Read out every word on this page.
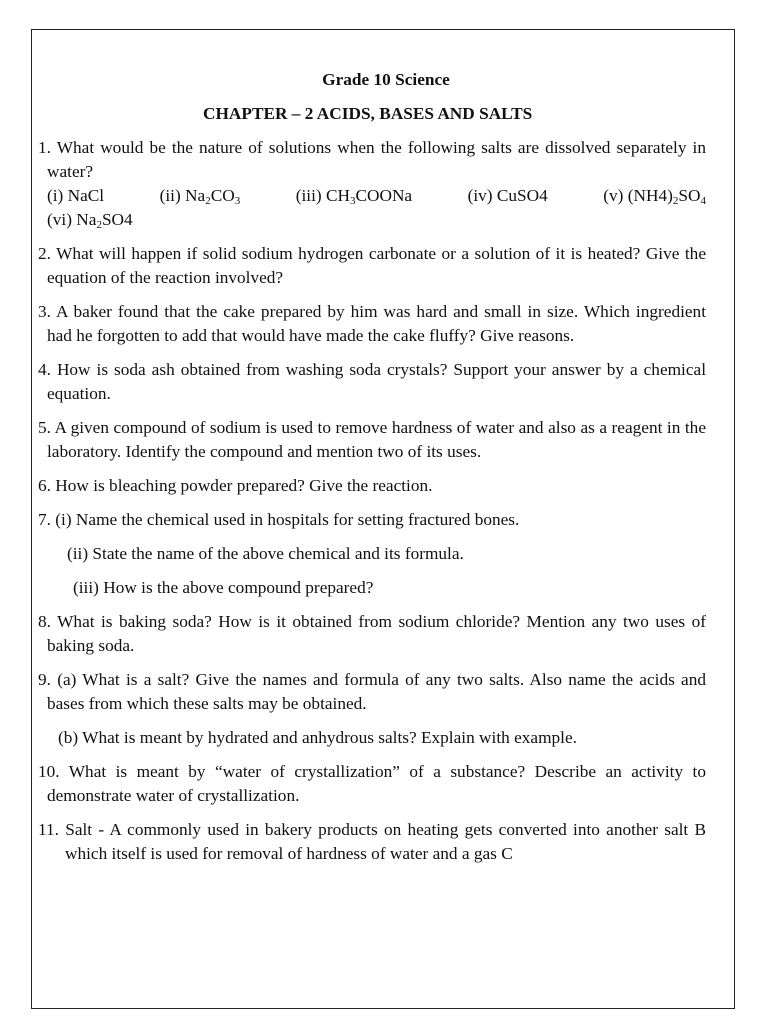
Grade 10 Science

CHAPTER – 2 ACIDS, BASES AND SALTS

1. What would be the nature of solutions when the following salts are dissolved separately in water?

(i) NaCl	(ii) $Na_2CO_3$	(iii) $CH_3COONa$	(iv) CuSO4	(v) $(NH4)_2SO_4$
(vi) $Na_2SO4$

2. What will happen if solid sodium hydrogen carbonate or a solution of it is heated? Give the equation of the reaction involved?

3. A baker found that the cake prepared by him was hard and small in size. Which ingredient had he forgotten to add that would have made the cake fluffy? Give reasons.

4. How is soda ash obtained from washing soda crystals? Support your answer by a chemical equation.

5. A given compound of sodium is used to remove hardness of water and also as a reagent in the laboratory. Identify the compound and mention two of its uses.

6. How is bleaching powder prepared? Give the reaction.

7. (i) Name the chemical used in hospitals for setting fractured bones.

(ii) State the name of the above chemical and its formula.

(iii) How is the above compound prepared?

8. What is baking soda? How is it obtained from sodium chloride? Mention any two uses of baking soda.

9. (a) What is a salt? Give the names and formula of any two salts. Also name the acids and bases from which these salts may be obtained.

(b) What is meant by hydrated and anhydrous salts? Explain with example.

10. What is meant by “water of crystallization” of a substance? Describe an activity to demonstrate water of crystallization.

11. Salt - A commonly used in bakery products on heating gets converted into another salt B which itself is used for removal of hardness of water and a gas C
